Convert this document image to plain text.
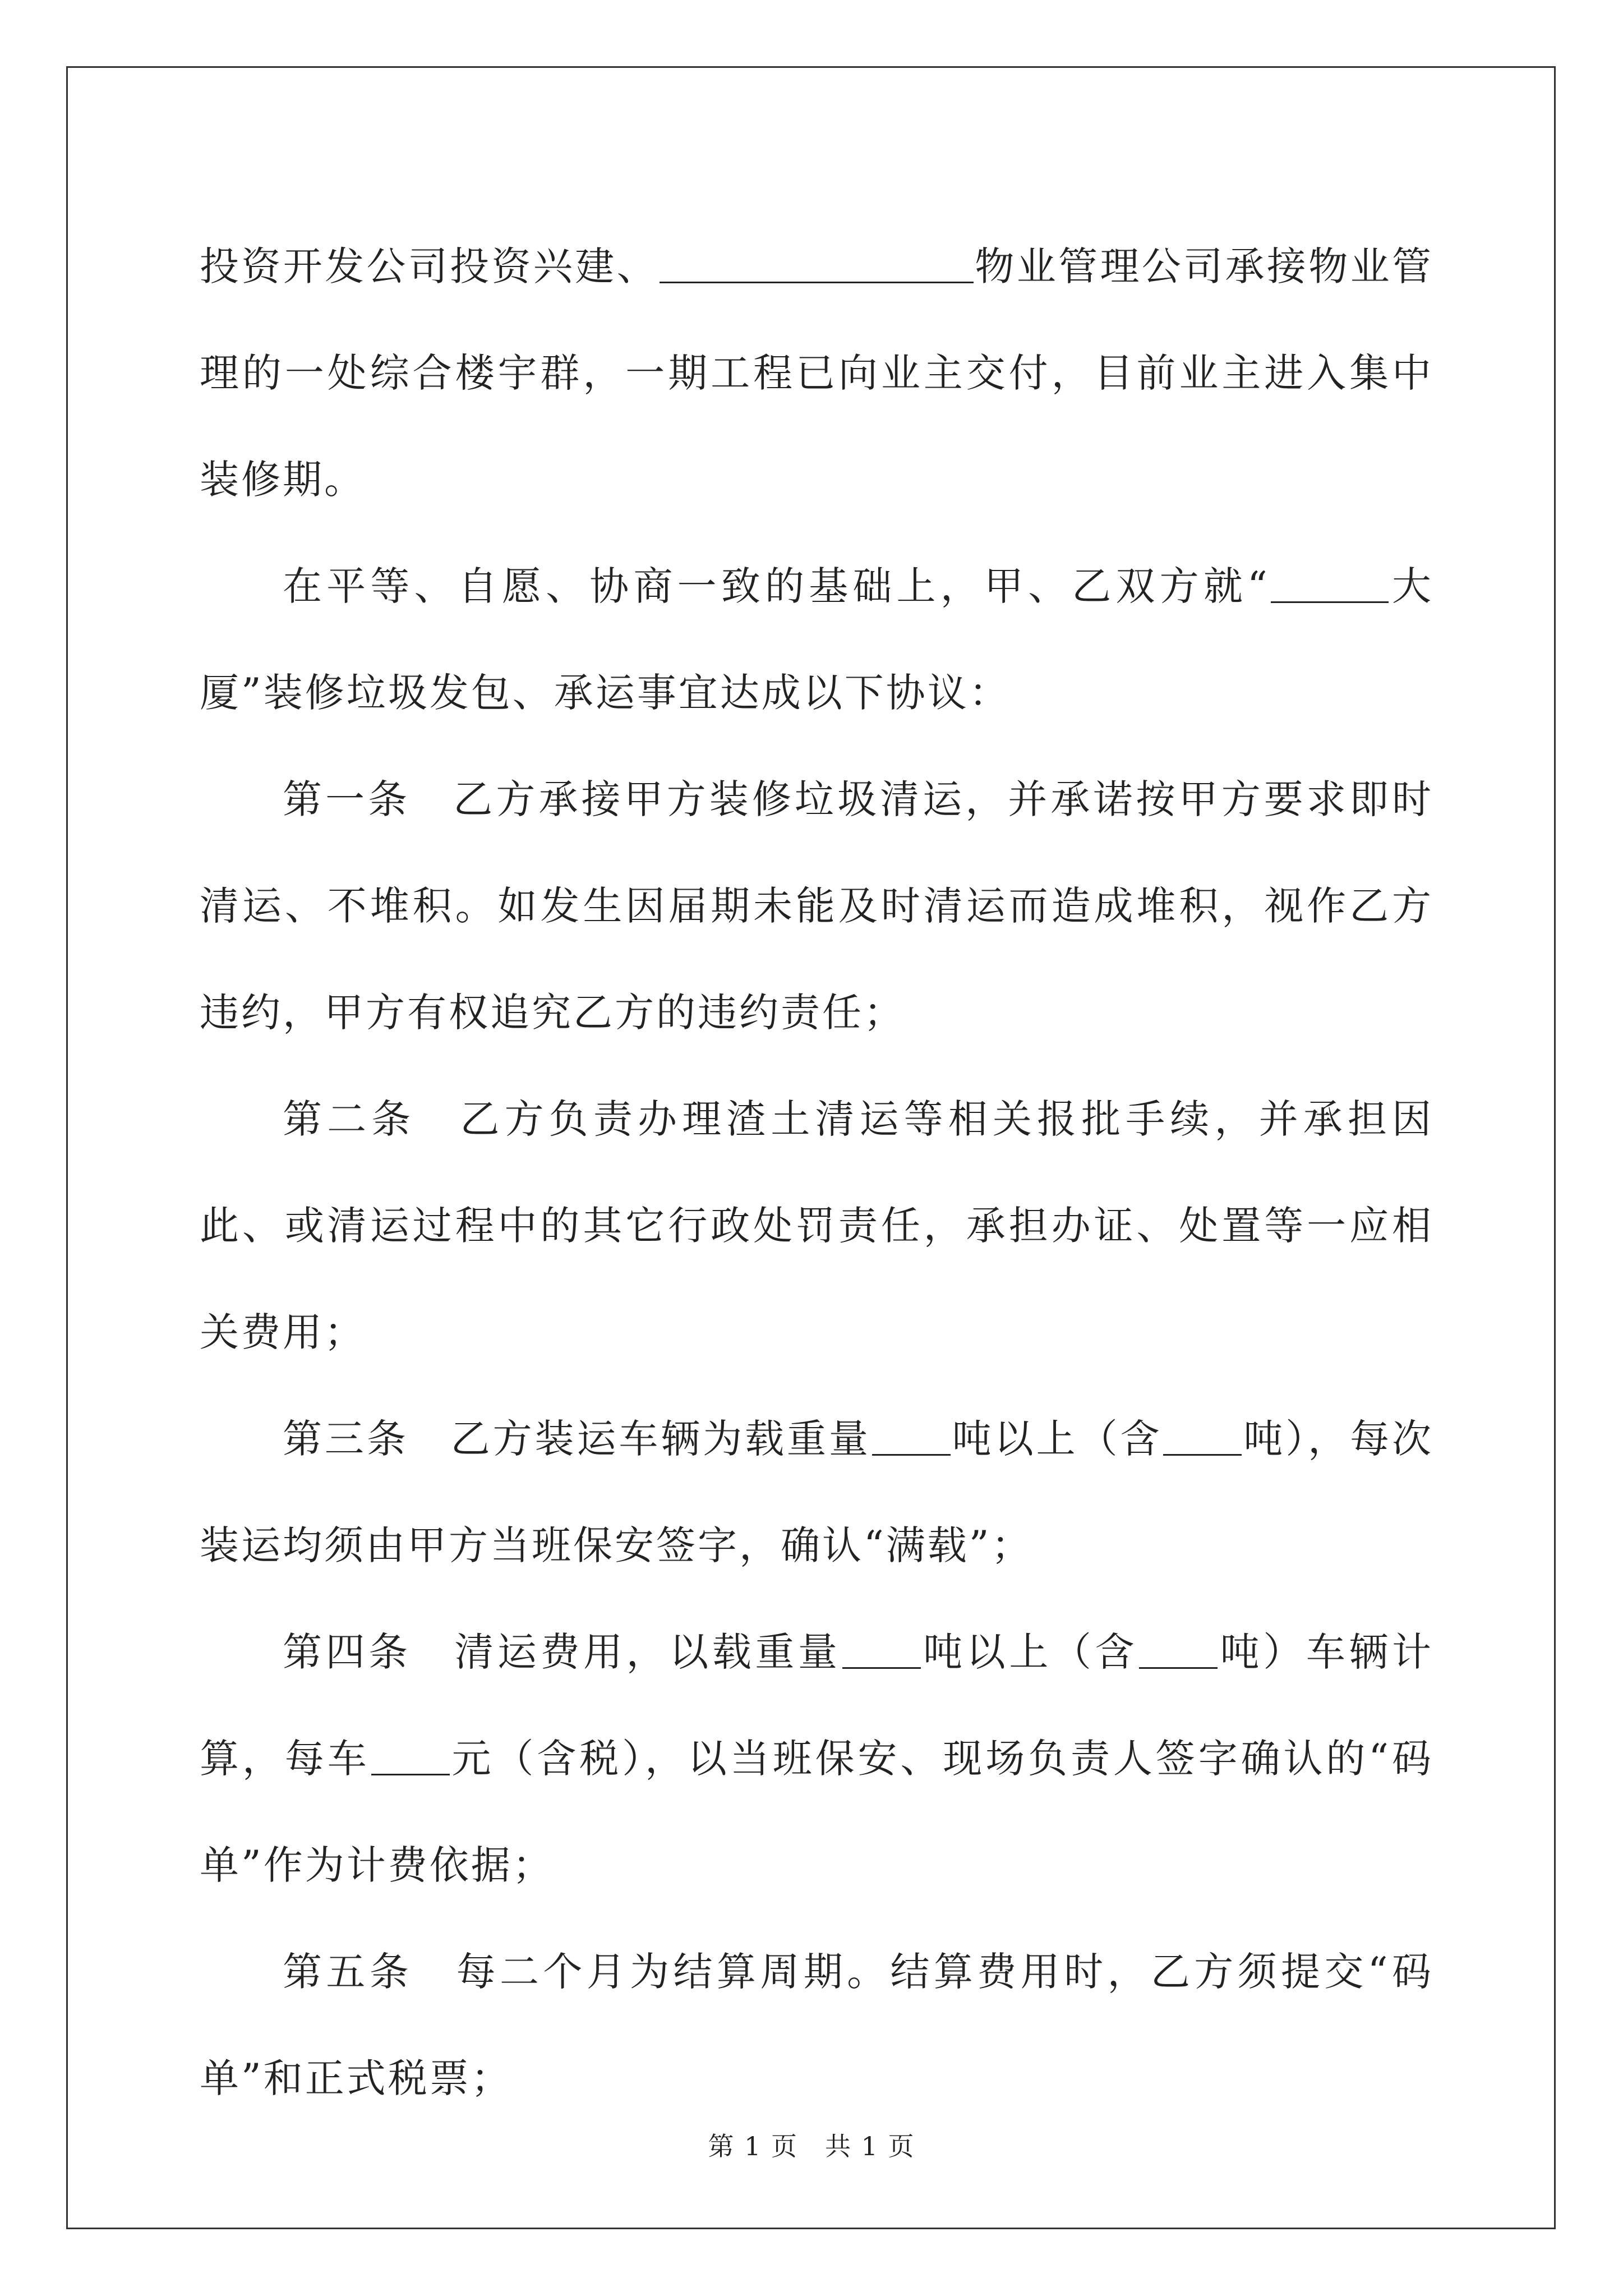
投资开发公司投资兴建、	物业管理公司承接物业管理的一处综合楼宇群，一期工程已向业主交付，目前业主进入集中装修期。

在平等、自愿、协商一致的基础上，甲、乙双方就“	大厦”装修垃圾发包、承运事宜达成以下协议：

第一条　乙方承接甲方装修垃圾清运，并承诺按甲方要求即时清运、不堆积。如发生因届期未能及时清运而造成堆积，视作乙方违约，甲方有权追究乙方的违约责任；

第二条　乙方负责办理渣土清运等相关报批手续，并承担因此、或清运过程中的其它行政处罚责任，承担办证、处置等一应相关费用；

第三条　乙方装运车辆为载重量 吨以上（含 吨），每次装运均须由甲方当班保安签字，确认“满载”；

第四条　清运费用，以载重量 吨以上（含 吨）车辆计算，每车 元（含税），以当班保安、现场负责人签字确认的“码单”作为计费依据；

第五条　每二个月为结算周期。结算费用时，乙方须提交“码单”和正式税票；

第 1 页　共 1 页
